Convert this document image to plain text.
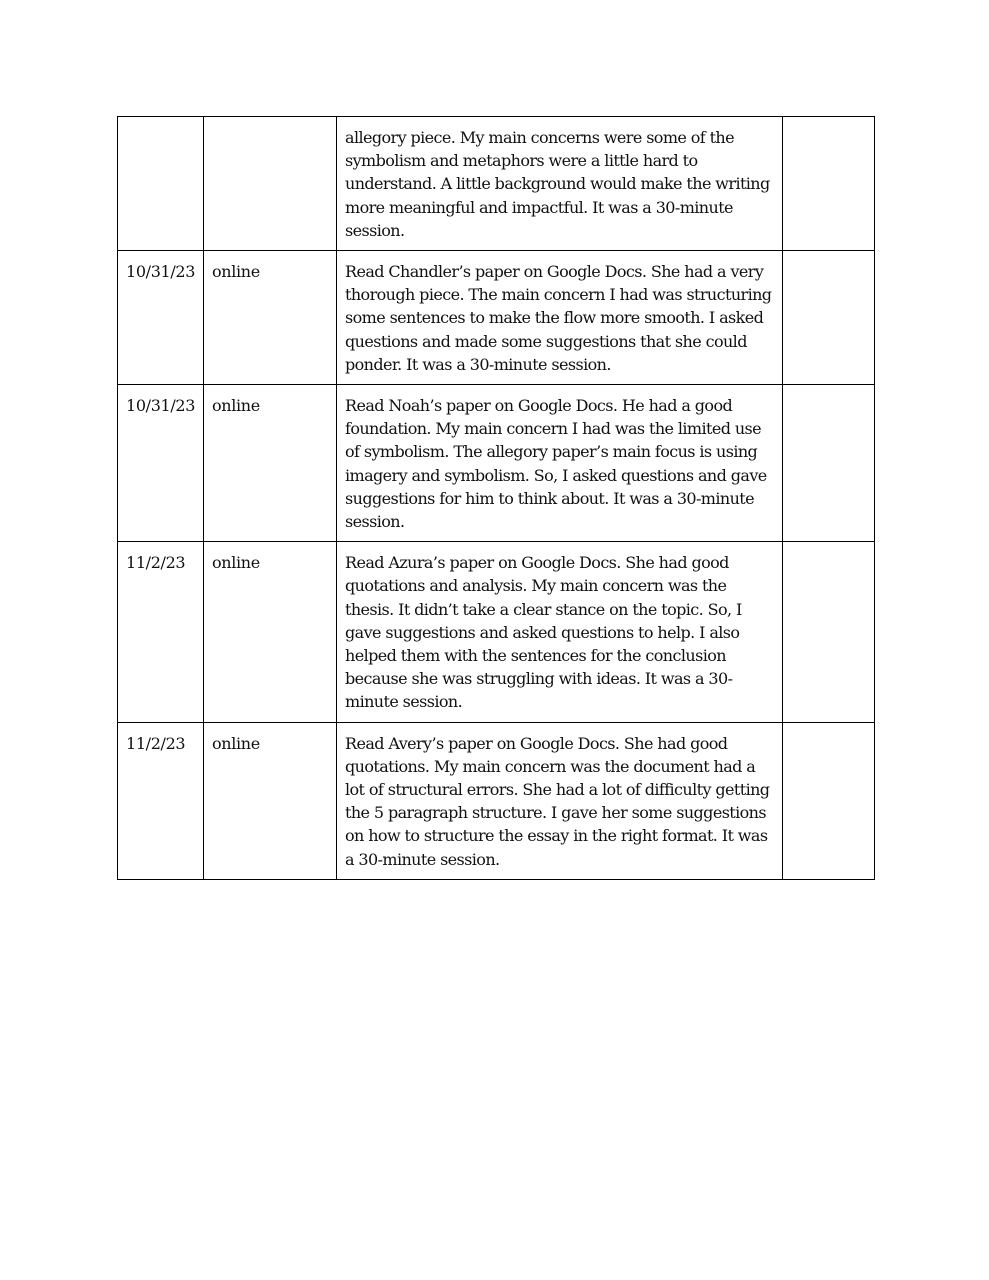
		allegory piece. My main concerns were some of the symbolism and metaphors were a little hard to understand. A little background would make the writing more meaningful and impactful. It was a 30-minute session.	
10/31/23	online	Read Chandler’s paper on Google Docs. She had a very thorough piece. The main concern I had was structuring some sentences to make the flow more smooth. I asked questions and made some suggestions that she could ponder. It was a 30-minute session.	
10/31/23	online	Read Noah’s paper on Google Docs. He had a good foundation. My main concern I had was the limited use of symbolism. The allegory paper’s main focus is using imagery and symbolism. So, I asked questions and gave suggestions for him to think about. It was a 30-minute session.	
11/2/23	online	Read Azura’s paper on Google Docs. She had good quotations and analysis. My main concern was the thesis. It didn’t take a clear stance on the topic. So, I gave suggestions and asked questions to help. I also helped them with the sentences for the conclusion because she was struggling with ideas. It was a 30-minute session.	
11/2/23	online	Read Avery’s paper on Google Docs. She had good quotations. My main concern was the document had a lot of structural errors. She had a lot of difficulty getting the 5 paragraph structure. I gave her some suggestions on how to structure the essay in the right format. It was a 30-minute session.	
